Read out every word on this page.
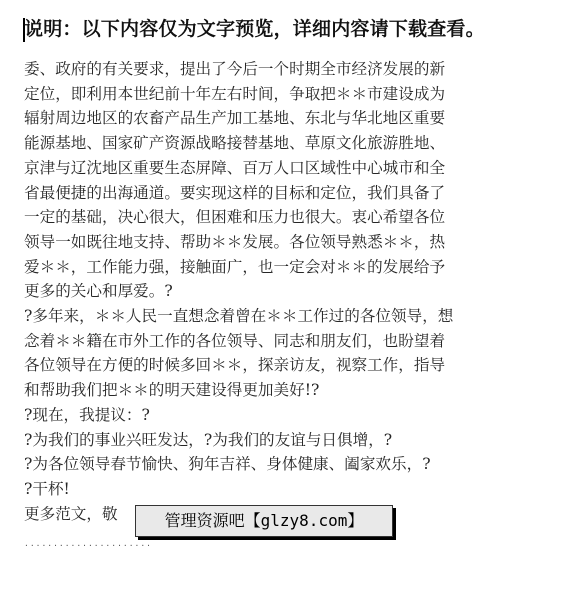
说明：以下内容仅为文字预览，详细内容请下载查看。
委、政府的有关要求，提出了今后一个时期全市经济发展的新
定位，即利用本世纪前十年左右时间，争取把＊＊市建设成为
辐射周边地区的农畜产品生产加工基地、东北与华北地区重要
能源基地、国家矿产资源战略接替基地、草原文化旅游胜地、
京津与辽沈地区重要生态屏障、百万人口区域性中心城市和全
省最便捷的出海通道。要实现这样的目标和定位，我们具备了
一定的基础，决心很大，但困难和压力也很大。衷心希望各位
领导一如既往地支持、帮助＊＊发展。各位领导熟悉＊＊，热
爱＊＊，工作能力强，接触面广，也一定会对＊＊的发展给予
更多的关心和厚爱。?
?多年来，＊＊人民一直想念着曾在＊＊工作过的各位领导，想
念着＊＊籍在市外工作的各位领导、同志和朋友们，也盼望着
各位领导在方便的时候多回＊＊，探亲访友，视察工作，指导
和帮助我们把＊＊的明天建设得更加美好!?
?现在，我提议：?
?为我们的事业兴旺发达，?为我们的友谊与日俱增，?
?为各位领导春节愉快、狗年吉祥、身体健康、阖家欢乐，?
?干杯!
更多范文，敬	管理资源吧【glzy8.com】
......................
